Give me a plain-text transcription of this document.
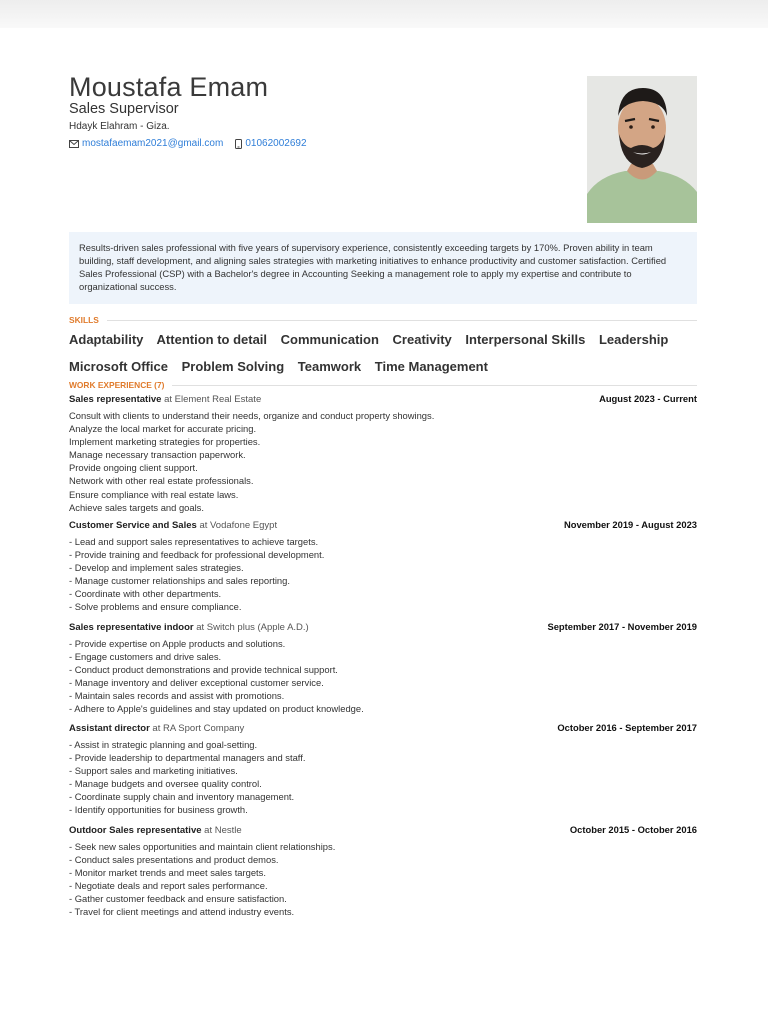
Moustafa Emam
Sales Supervisor
Hdayk Elahram - Giza.
mostafaemam2021@gmail.com 01062002692
Results-driven sales professional with five years of supervisory experience, consistently exceeding targets by 170%. Proven ability in team building, staff development, and aligning sales strategies with marketing initiatives to enhance productivity and customer satisfaction. Certified Sales Professional (CSP) with a Bachelor's degree in Accounting Seeking a management role to apply my expertise and contribute to organizational success.
SKILLS
Adaptability Attention to detail Communication Creativity Interpersonal Skills Leadership
Microsoft Office Problem Solving Teamwork Time Management
WORK EXPERIENCE (7)
Sales representative at Element Real Estate	August 2023 - Current
Consult with clients to understand their needs, organize and conduct property showings.
Analyze the local market for accurate pricing.
Implement marketing strategies for properties.
Manage necessary transaction paperwork.
Provide ongoing client support.
Network with other real estate professionals.
Ensure compliance with real estate laws.
Achieve sales targets and goals.
Customer Service and Sales at Vodafone Egypt	November 2019 - August 2023
- Lead and support sales representatives to achieve targets.
- Provide training and feedback for professional development.
- Develop and implement sales strategies.
- Manage customer relationships and sales reporting.
- Coordinate with other departments.
- Solve problems and ensure compliance.
Sales representative indoor at Switch plus (Apple A.D.)	September 2017 - November 2019
- Provide expertise on Apple products and solutions.
- Engage customers and drive sales.
- Conduct product demonstrations and provide technical support.
- Manage inventory and deliver exceptional customer service.
- Maintain sales records and assist with promotions.
- Adhere to Apple's guidelines and stay updated on product knowledge.
Assistant director at RA Sport Company	October 2016 - September 2017
- Assist in strategic planning and goal-setting.
- Provide leadership to departmental managers and staff.
- Support sales and marketing initiatives.
- Manage budgets and oversee quality control.
- Coordinate supply chain and inventory management.
- Identify opportunities for business growth.
Outdoor Sales representative at Nestle	October 2015 - October 2016
- Seek new sales opportunities and maintain client relationships.
- Conduct sales presentations and product demos.
- Monitor market trends and meet sales targets.
- Negotiate deals and report sales performance.
- Gather customer feedback and ensure satisfaction.
- Travel for client meetings and attend industry events.
